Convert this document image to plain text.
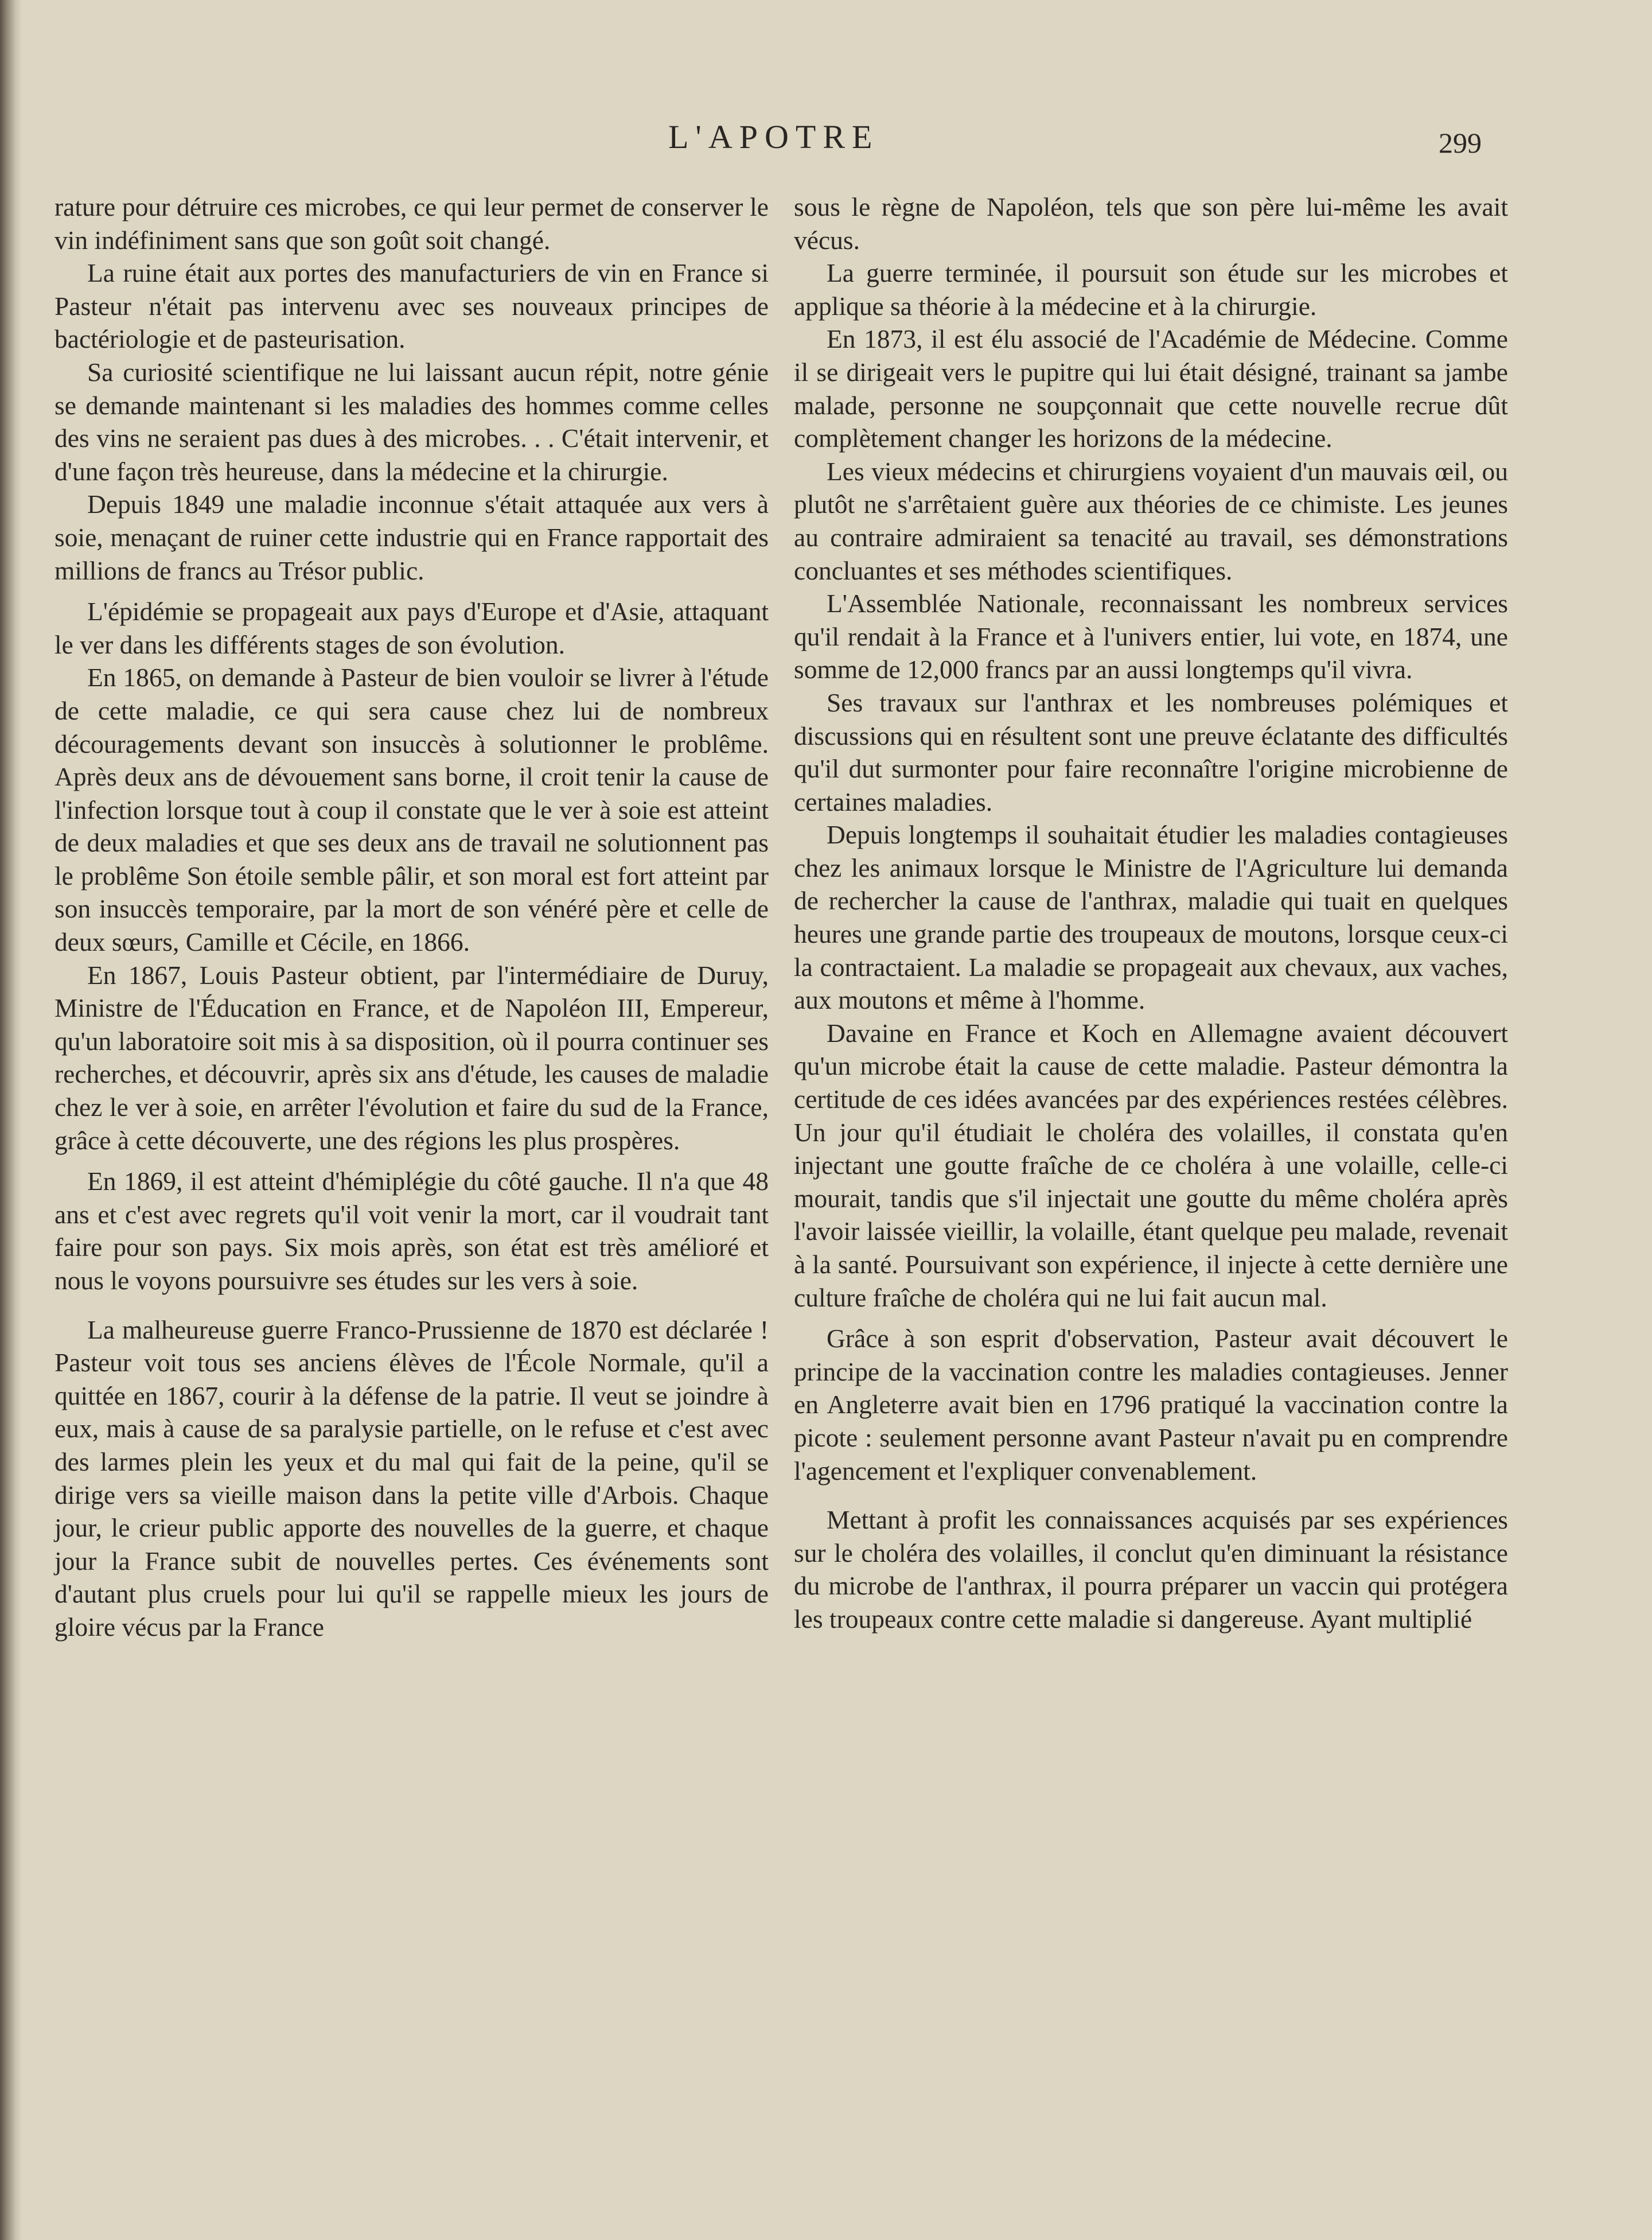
L'APOTRE	299

rature pour détruire ces microbes, ce qui leur permet de conserver le vin indéfiniment sans que son goût soit changé.

La ruine était aux portes des manufacturiers de vin en France si Pasteur n'était pas intervenu avec ses nouveaux principes de bactériologie et de pasteurisation.

Sa curiosité scientifique ne lui laissant aucun répit, notre génie se demande maintenant si les maladies des hommes comme celles des vins ne seraient pas dues à des microbes. . . C'était intervenir, et d'une façon très heureuse, dans la médecine et la chirurgie.

Depuis 1849 une maladie inconnue s'était attaquée aux vers à soie, menaçant de ruiner cette industrie qui en France rapportait des millions de francs au Trésor public.

L'épidémie se propageait aux pays d'Europe et d'Asie, attaquant le ver dans les différents stages de son évolution.

En 1865, on demande à Pasteur de bien vouloir se livrer à l'étude de cette maladie, ce qui sera cause chez lui de nombreux découragements devant son insuccès à solutionner le problême. Après deux ans de dévouement sans borne, il croit tenir la cause de l'infection lorsque tout à coup il constate que le ver à soie est atteint de deux maladies et que ses deux ans de travail ne solutionnent pas le problême Son étoile semble pâlir, et son moral est fort atteint par son insuccès temporaire, par la mort de son vénéré père et celle de deux sœurs, Camille et Cécile, en 1866.

En 1867, Louis Pasteur obtient, par l'intermédiaire de Duruy, Ministre de l'Éducation en France, et de Napoléon III, Empereur, qu'un laboratoire soit mis à sa disposition, où il pourra continuer ses recherches, et découvrir, après six ans d'étude, les causes de maladie chez le ver à soie, en arrêter l'évolution et faire du sud de la France, grâce à cette découverte, une des régions les plus prospères.

En 1869, il est atteint d'hémiplégie du côté gauche. Il n'a que 48 ans et c'est avec regrets qu'il voit venir la mort, car il voudrait tant faire pour son pays. Six mois après, son état est très amélioré et nous le voyons poursuivre ses études sur les vers à soie.

La malheureuse guerre Franco-Prussienne de 1870 est déclarée ! Pasteur voit tous ses anciens élèves de l'École Normale, qu'il a quittée en 1867, courir à la défense de la patrie. Il veut se joindre à eux, mais à cause de sa paralysie partielle, on le refuse et c'est avec des larmes plein les yeux et du mal qui fait de la peine, qu'il se dirige vers sa vieille maison dans la petite ville d'Arbois. Chaque jour, le crieur public apporte des nouvelles de la guerre, et chaque jour la France subit de nouvelles pertes. Ces événements sont d'autant plus cruels pour lui qu'il se rappelle mieux les jours de gloire vécus par la France

sous le règne de Napoléon, tels que son père lui-même les avait vécus.

La guerre terminée, il poursuit son étude sur les microbes et applique sa théorie à la médecine et à la chirurgie.

En 1873, il est élu associé de l'Académie de Médecine. Comme il se dirigeait vers le pupitre qui lui était désigné, trainant sa jambe malade, personne ne soupçonnait que cette nouvelle recrue dût complètement changer les horizons de la médecine.

Les vieux médecins et chirurgiens voyaient d'un mauvais œil, ou plutôt ne s'arrêtaient guère aux théories de ce chimiste. Les jeunes au contraire admiraient sa tenacité au travail, ses démonstrations concluantes et ses méthodes scientifiques.

L'Assemblée Nationale, reconnaissant les nombreux services qu'il rendait à la France et à l'univers entier, lui vote, en 1874, une somme de 12,000 francs par an aussi longtemps qu'il vivra.

Ses travaux sur l'anthrax et les nombreuses polémiques et discussions qui en résultent sont une preuve éclatante des difficultés qu'il dut surmonter pour faire reconnaître l'origine microbienne de certaines maladies.

Depuis longtemps il souhaitait étudier les maladies contagieuses chez les animaux lorsque le Ministre de l'Agriculture lui demanda de rechercher la cause de l'anthrax, maladie qui tuait en quelques heures une grande partie des troupeaux de moutons, lorsque ceux-ci la contractaient. La maladie se propageait aux chevaux, aux vaches, aux moutons et même à l'homme.

Davaine en France et Koch en Allemagne avaient découvert qu'un microbe était la cause de cette maladie. Pasteur démontra la certitude de ces idées avancées par des expériences restées célèbres. Un jour qu'il étudiait le choléra des volailles, il constata qu'en injectant une goutte fraîche de ce choléra à une volaille, celle-ci mourait, tandis que s'il injectait une goutte du même choléra après l'avoir laissée vieillir, la volaille, étant quelque peu malade, revenait à la santé. Poursuivant son expérience, il injecte à cette dernière une culture fraîche de choléra qui ne lui fait aucun mal.

Grâce à son esprit d'observation, Pasteur avait découvert le principe de la vaccination contre les maladies contagieuses. Jenner en Angleterre avait bien en 1796 pratiqué la vaccination contre la picote : seulement personne avant Pasteur n'avait pu en comprendre l'agencement et l'expliquer convenablement.

Mettant à profit les connaissances acquisés par ses expériences sur le choléra des volailles, il conclut qu'en diminuant la résistance du microbe de l'anthrax, il pourra préparer un vaccin qui protégera les troupeaux contre cette maladie si dangereuse. Ayant multiplié
